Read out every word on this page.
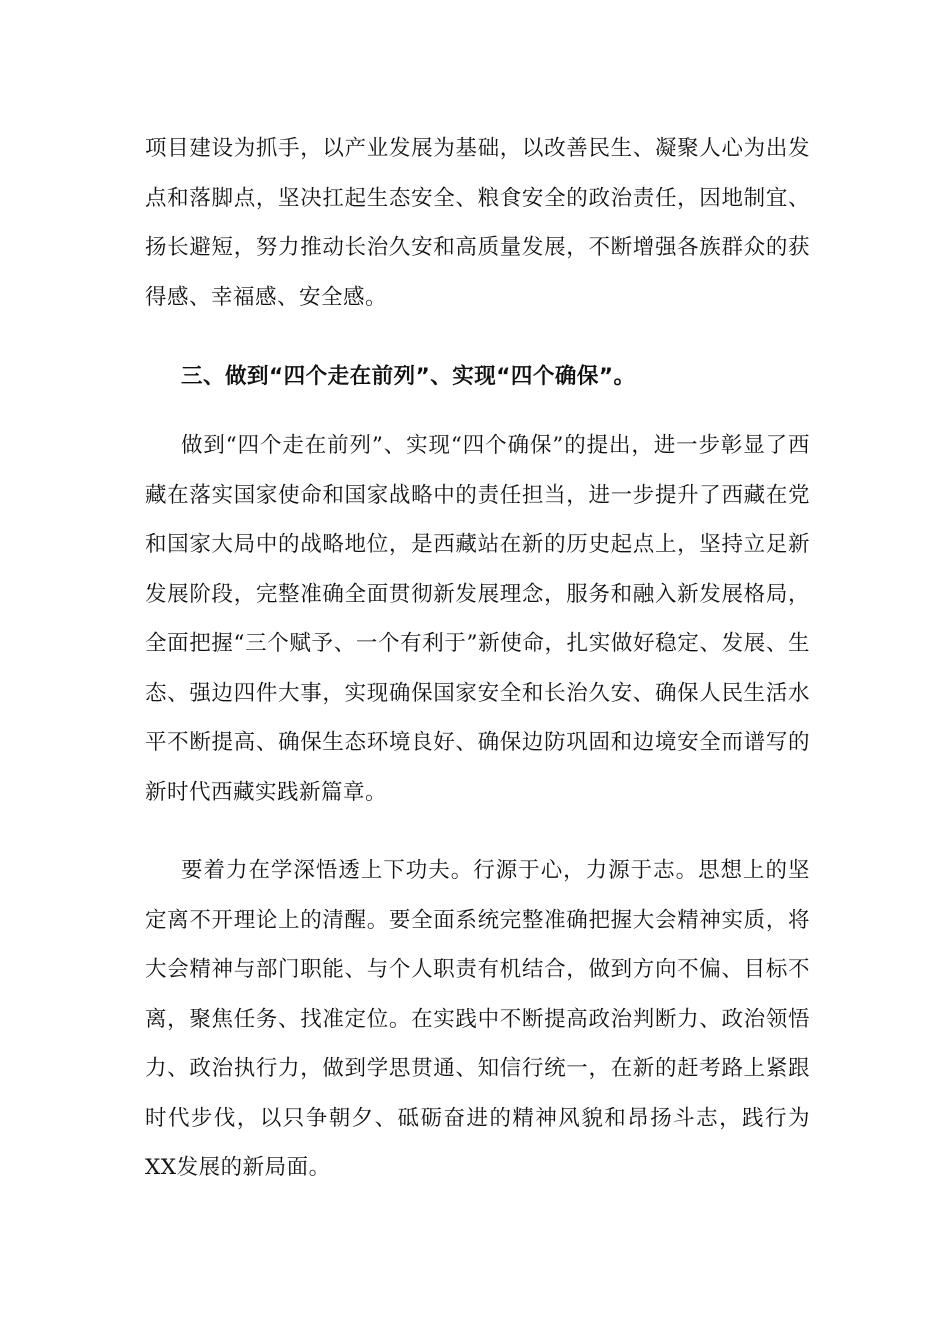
项目建设为抓手，以产业发展为基础，以改善民生、凝聚人心为出发点和落脚点，坚决扛起生态安全、粮食安全的政治责任，因地制宜、扬长避短，努力推动长治久安和高质量发展，不断增强各族群众的获得感、幸福感、安全感。

三、做到“四个走在前列”、实现“四个确保”。

做到“四个走在前列”、实现“四个确保”的提出，进一步彰显了西藏在落实国家使命和国家战略中的责任担当，进一步提升了西藏在党和国家大局中的战略地位，是西藏站在新的历史起点上，坚持立足新发展阶段，完整准确全面贯彻新发展理念，服务和融入新发展格局，全面把握“三个赋予、一个有利于”新使命，扎实做好稳定、发展、生态、强边四件大事，实现确保国家安全和长治久安、确保人民生活水平不断提高、确保生态环境良好、确保边防巩固和边境安全而谱写的新时代西藏实践新篇章。

要着力在学深悟透上下功夫。行源于心，力源于志。思想上的坚定离不开理论上的清醒。要全面系统完整准确把握大会精神实质，将大会精神与部门职能、与个人职责有机结合，做到方向不偏、目标不离，聚焦任务、找准定位。在实践中不断提高政治判断力、政治领悟力、政治执行力，做到学思贯通、知信行统一，在新的赶考路上紧跟时代步伐，以只争朝夕、砥砺奋进的精神风貌和昂扬斗志，践行为XX发展的新局面。
